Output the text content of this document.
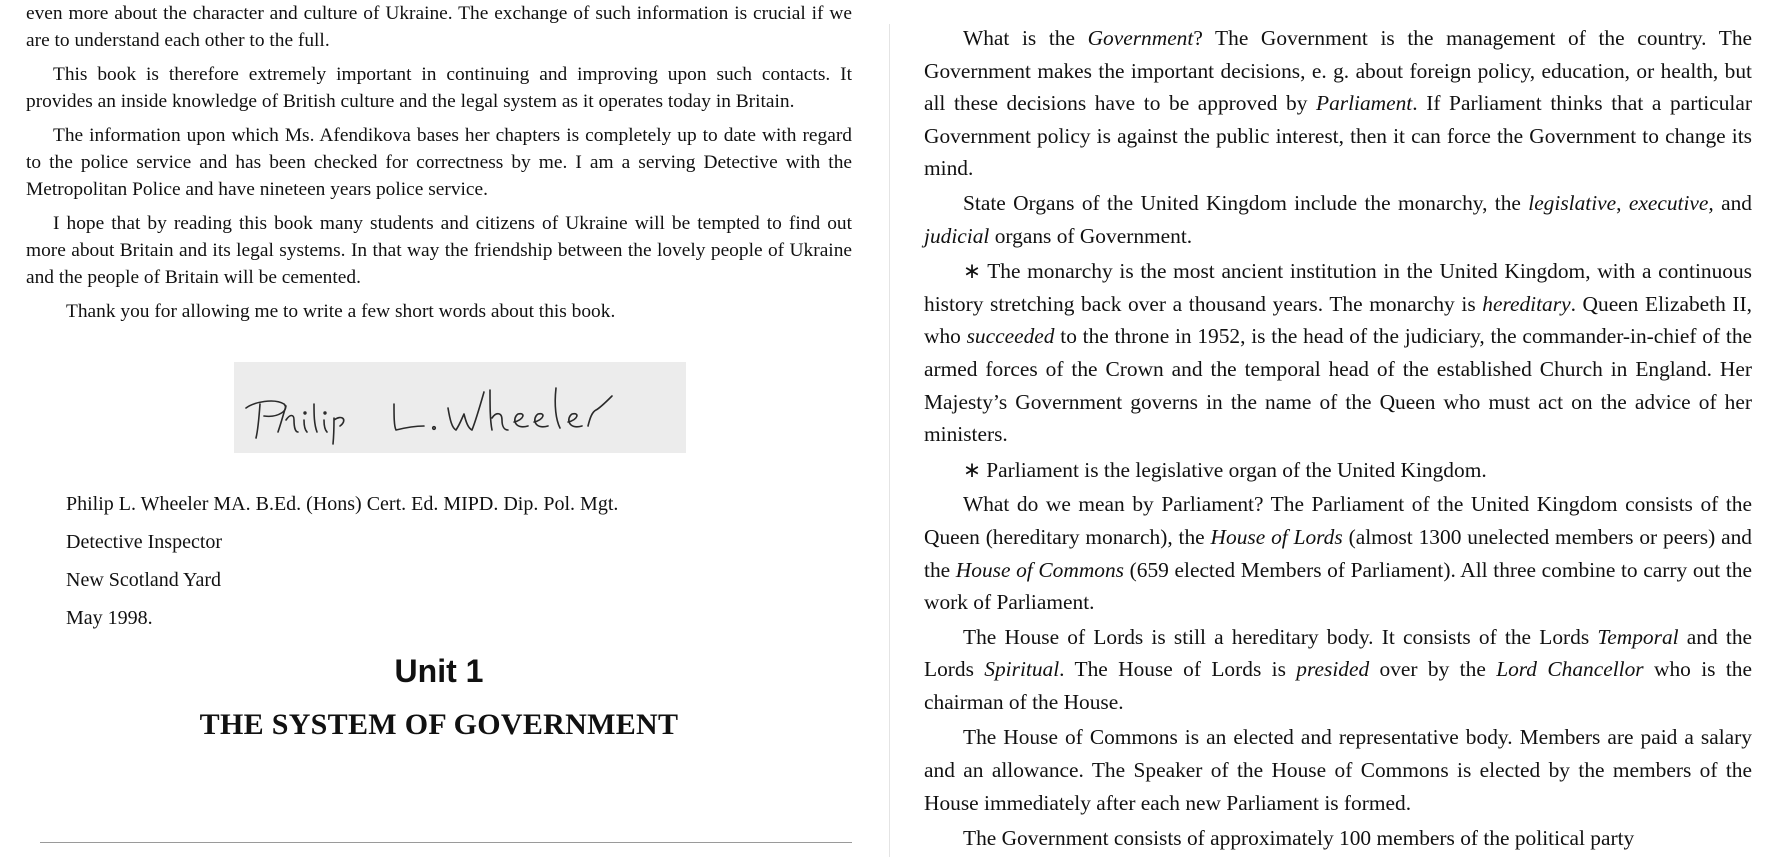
even more about the character and culture of Ukraine. The exchange of such information is crucial if we are to understand each other to the full.

This book is therefore extremely important in continuing and improving upon such contacts. It provides an inside knowledge of British culture and the legal system as it operates today in Britain.

The information upon which Ms. Afendikova bases her chapters is completely up to date with regard to the police service and has been checked for correctness by me. I am a serving Detective with the Metropolitan Police and have nineteen years police service.

I hope that by reading this book many students and citizens of Ukraine will be tempted to find out more about Britain and its legal systems. In that way the friendship between the lovely people of Ukraine and the people of Britain will be cemented.

Thank you for allowing me to write a few short words about this book.

Philip L. Wheeler MA. B.Ed. (Hons) Cert. Ed. MIPD. Dip. Pol. Mgt.

Detective Inspector

New Scotland Yard

May 1998.

Unit 1
THE SYSTEM OF GOVERNMENT

What is the Government? The Government is the management of the country. The Government makes the important decisions, e. g. about foreign policy, education, or health, but all these decisions have to be approved by Parliament. If Parliament thinks that a particular Government policy is against the public interest, then it can force the Government to change its mind.

State Organs of the United Kingdom include the monarchy, the legislative, executive, and judicial organs of Government.

∗ The monarchy is the most ancient institution in the United Kingdom, with a continuous history stretching back over a thousand years. The monarchy is hereditary. Queen Elizabeth II, who succeeded to the throne in 1952, is the head of the judiciary, the commander-in-chief of the armed forces of the Crown and the temporal head of the established Church in England. Her Majesty’s Government governs in the name of the Queen who must act on the advice of her ministers.

∗ Parliament is the legislative organ of the United Kingdom.

What do we mean by Parliament? The Parliament of the United Kingdom consists of the Queen (hereditary monarch), the House of Lords (almost 1300 unelected members or peers) and the House of Commons (659 elected Members of Parliament). All three combine to carry out the work of Parliament.

The House of Lords is still a hereditary body. It consists of the Lords Temporal and the Lords Spiritual. The House of Lords is presided over by the Lord Chancellor who is the chairman of the House.

The House of Commons is an elected and representative body. Members are paid a salary and an allowance. The Speaker of the House of Commons is elected by the members of the House immediately after each new Parliament is formed.

The Government consists of approximately 100 members of the political party
